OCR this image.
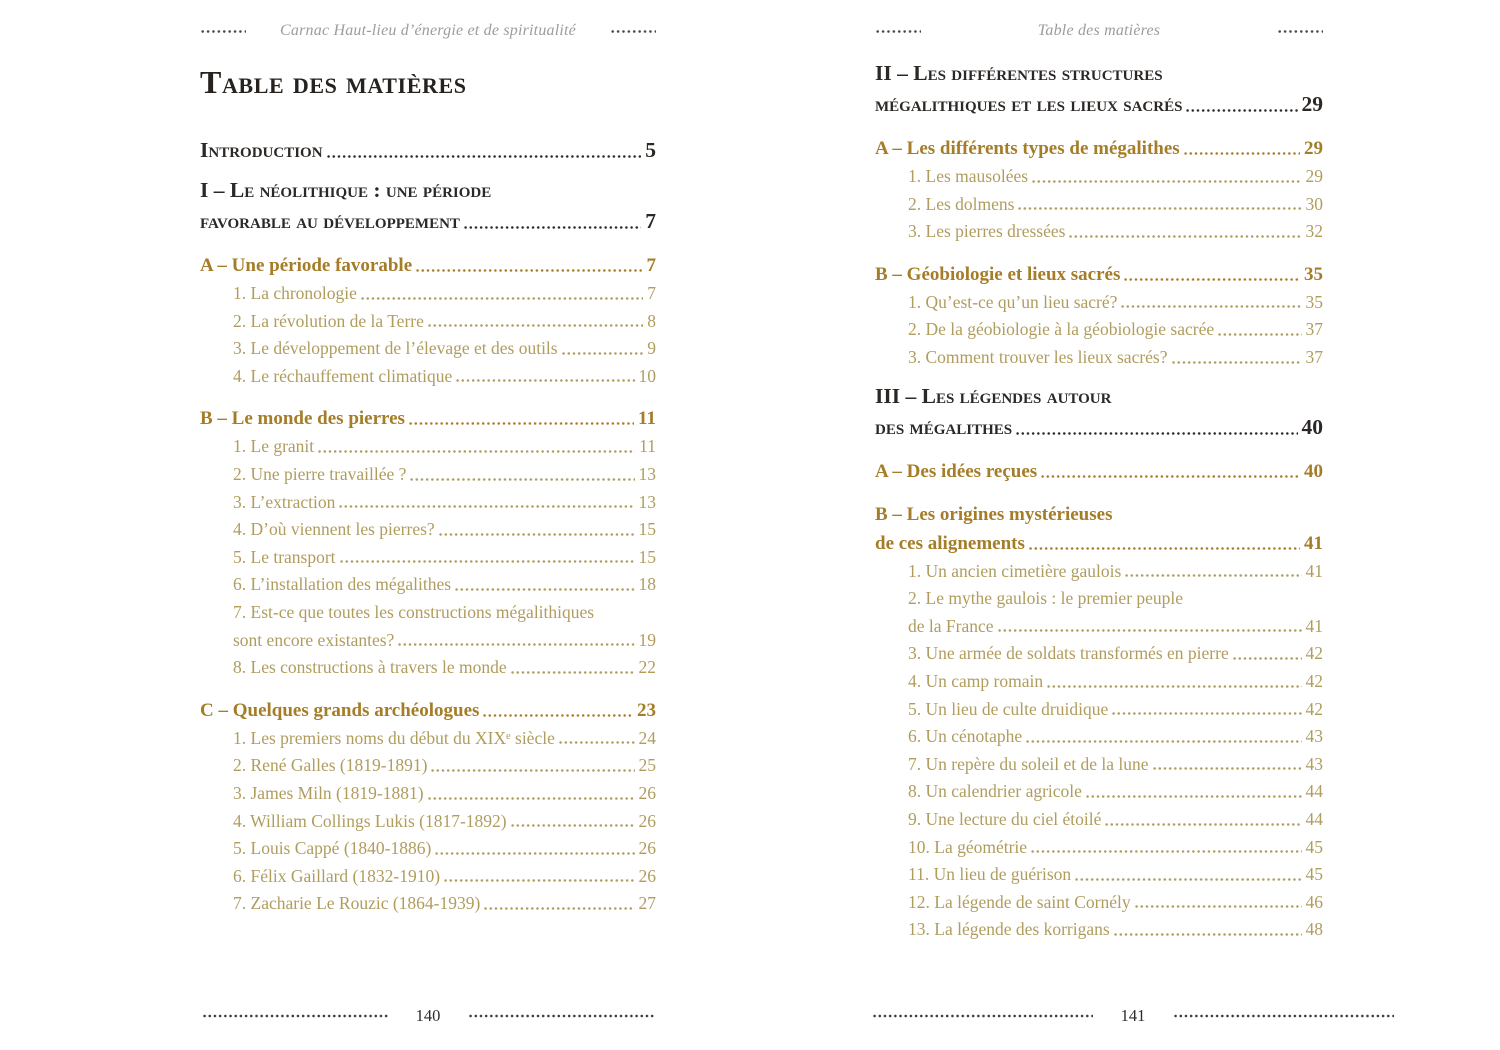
Carnac Haut-lieu d’énergie et de spiritualité	Table des matières
Table des matières
Introduction	5
I – Le néolithique : une période
favorable au développement	7
A – Une période favorable	7
1. La chronologie	7
2. La révolution de la Terre	8
3. Le développement de l’élevage et des outils	9
4. Le réchauffement climatique	10
B – Le monde des pierres	11
1. Le granit	11
2. Une pierre travaillée ?	13
3. L’extraction	13
4. D’où viennent les pierres?	15
5. Le transport	15
6. L’installation des mégalithes	18
7. Est-ce que toutes les constructions mégalithiques
sont encore existantes?	19
8. Les constructions à travers le monde	22
C – Quelques grands archéologues	23
1. Les premiers noms du début du XIXᵉ siècle	24
2. René Galles (1819-1891)	25
3. James Miln (1819-1881)	26
4. William Collings Lukis (1817-1892)	26
5. Louis Cappé (1840-1886)	26
6. Félix Gaillard (1832-1910)	26
7. Zacharie Le Rouzic (1864-1939)	27
II – Les différentes structures
mégalithiques et les lieux sacrés	29
A – Les différents types de mégalithes	29
1. Les mausolées	29
2. Les dolmens	30
3. Les pierres dressées	32
B – Géobiologie et lieux sacrés	35
1. Qu’est-ce qu’un lieu sacré?	35
2. De la géobiologie à la géobiologie sacrée	37
3. Comment trouver les lieux sacrés?	37
III – Les légendes autour
des mégalithes	40
A – Des idées reçues	40
B – Les origines mystérieuses
de ces alignements	41
1. Un ancien cimetière gaulois	41
2. Le mythe gaulois : le premier peuple
de la France	41
3. Une armée de soldats transformés en pierre	42
4. Un camp romain	42
5. Un lieu de culte druidique	42
6. Un cénotaphe	43
7. Un repère du soleil et de la lune	43
8. Un calendrier agricole	44
9. Une lecture du ciel étoilé	44
10. La géométrie	45
11. Un lieu de guérison	45
12. La légende de saint Cornély	46
13. La légende des korrigans	48
140	141
